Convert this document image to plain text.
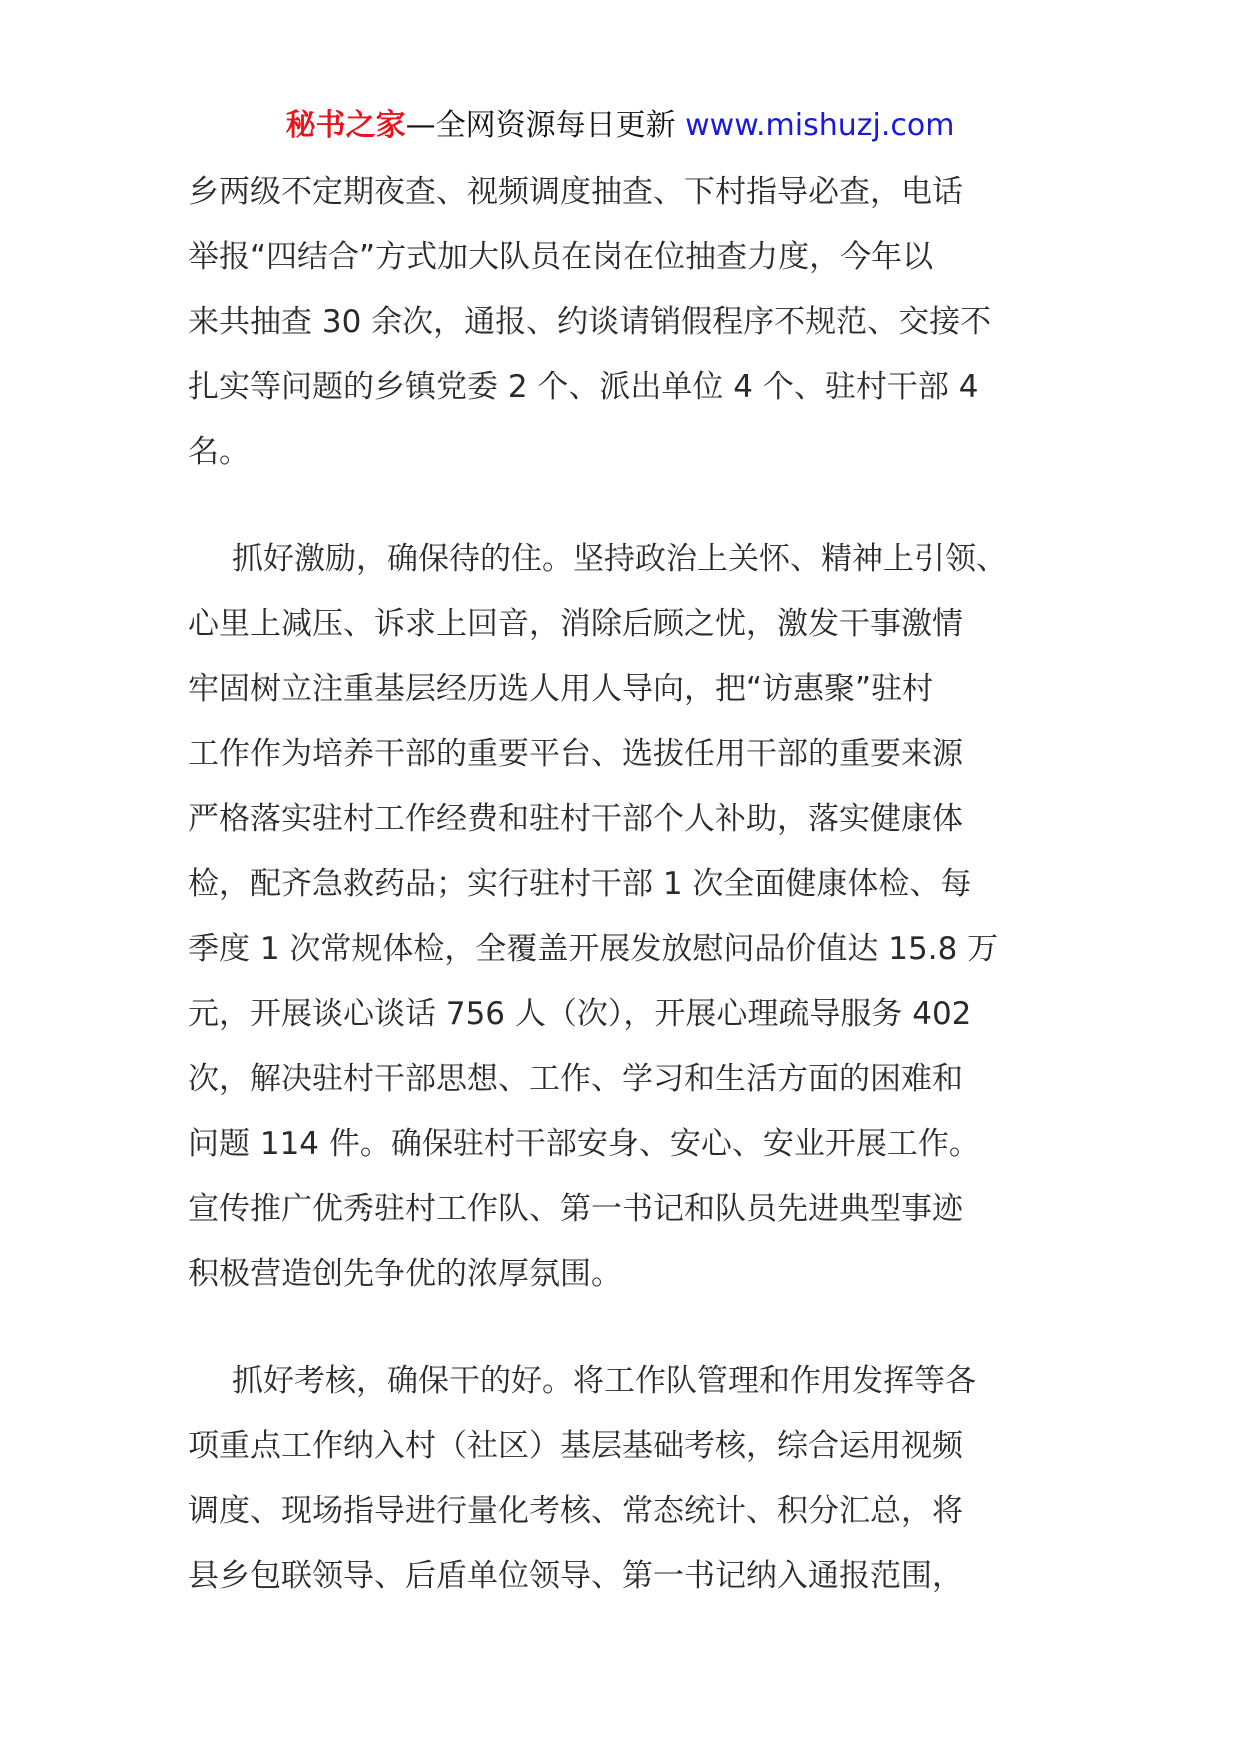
秘书之家—全网资源每日更新 www.mishuzj.com
乡两级不定期夜查、视频调度抽查、下村指导必查，电话
举报“四结合”方式加大队员在岗在位抽查力度，今年以
来共抽查 30 余次，通报、约谈请销假程序不规范、交接不
扎实等问题的乡镇党委 2 个、派出单位 4 个、驻村干部 4
名。
抓好激励，确保待的住。坚持政治上关怀、精神上引领、
心里上减压、诉求上回音，消除后顾之忧，激发干事激情
牢固树立注重基层经历选人用人导向，把“访惠聚”驻村
工作作为培养干部的重要平台、选拔任用干部的重要来源
严格落实驻村工作经费和驻村干部个人补助，落实健康体
检，配齐急救药品；实行驻村干部 1 次全面健康体检、每
季度 1 次常规体检，全覆盖开展发放慰问品价值达 15.8 万
元，开展谈心谈话 756 人（次），开展心理疏导服务 402
次，解决驻村干部思想、工作、学习和生活方面的困难和
问题 114 件。确保驻村干部安身、安心、安业开展工作。
宣传推广优秀驻村工作队、第一书记和队员先进典型事迹
积极营造创先争优的浓厚氛围。
抓好考核，确保干的好。将工作队管理和作用发挥等各
项重点工作纳入村（社区）基层基础考核，综合运用视频
调度、现场指导进行量化考核、常态统计、积分汇总，将
县乡包联领导、后盾单位领导、第一书记纳入通报范围，
